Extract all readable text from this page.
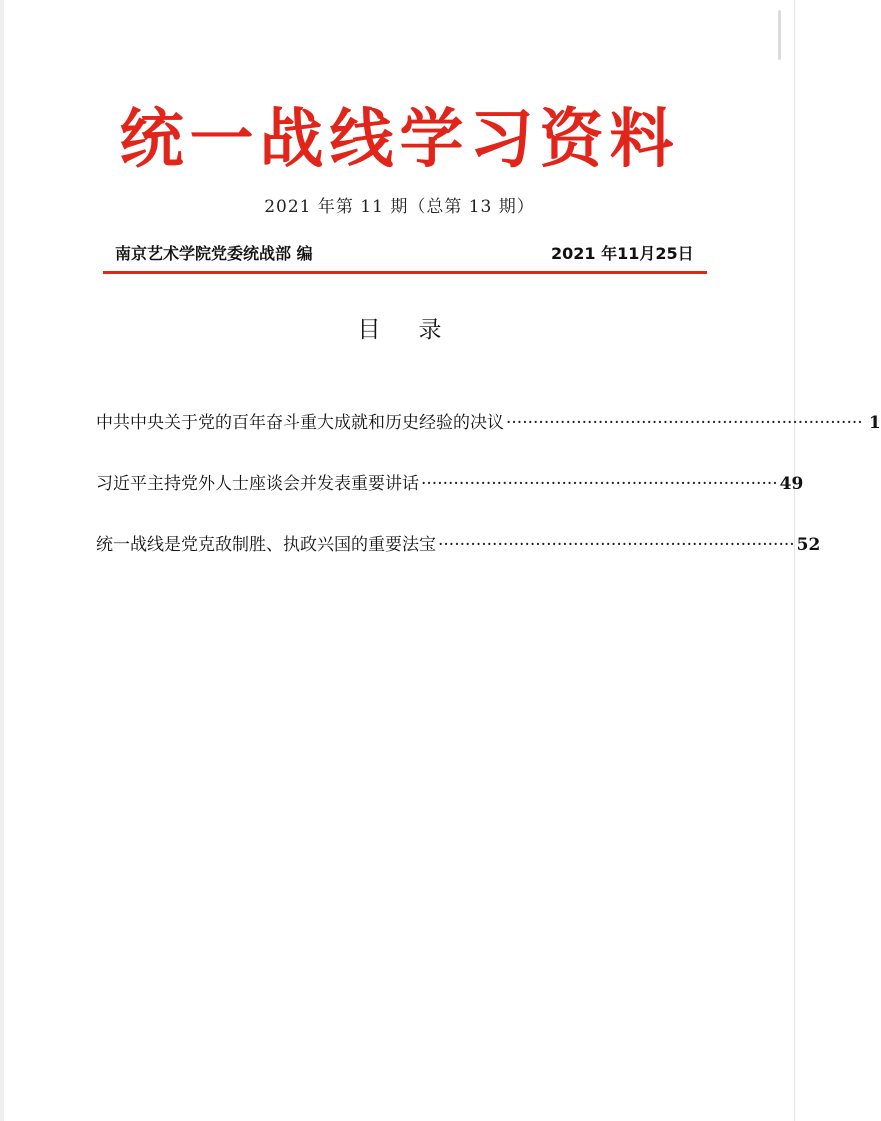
统一战线学习资料
2021 年第 11 期（总第 13 期）
南京艺术学院党委统战部 编	2021 年11月25日
目录
中共中央关于党的百年奋斗重大成就和历史经验的决议 ·································································· 1
习近平主持党外人士座谈会并发表重要讲话 ·································································· 49
统一战线是党克敌制胜、执政兴国的重要法宝 ·································································· 52
